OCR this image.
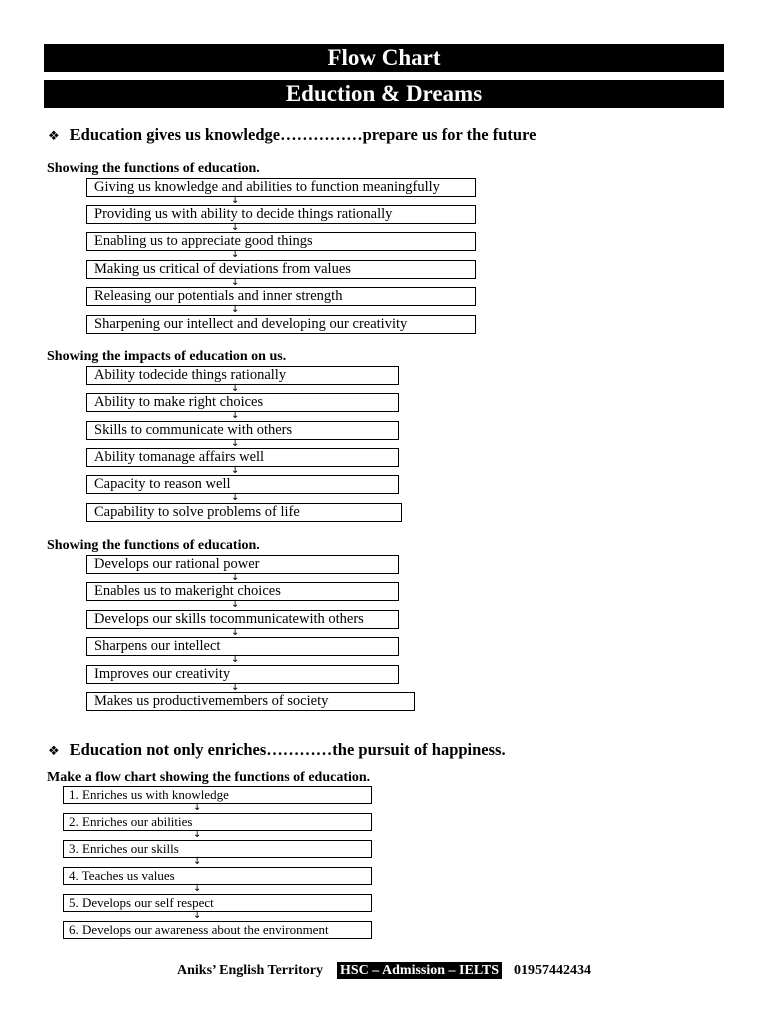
Flow Chart
Eduction & Dreams
❖ Education gives us knowledge……………prepare us for the future
Showing the functions of education.
Giving us knowledge and abilities to function meaningfully
↓
Providing us with ability to decide things rationally
↓
Enabling us to appreciate good things
↓
Making us critical of deviations from values
↓
Releasing our potentials and inner strength
↓
Sharpening our intellect and developing our creativity
Showing the impacts of education on us.
Ability todecide things rationally
↓
Ability to make right choices
↓
Skills to communicate with others
↓
Ability tomanage affairs well
↓
Capacity to reason well
↓
Capability to solve problems of life
Showing the functions of education.
Develops our rational power
↓
Enables us to makeright choices
↓
Develops our skills tocommunicatewith others
↓
Sharpens our intellect
↓
Improves our creativity
↓
Makes us productivemembers of society
❖ Education not only enriches…………the pursuit of happiness.
Make a flow chart showing the functions of education.
1. Enriches us with knowledge
↓
2. Enriches our abilities
↓
3. Enriches our skills
↓
4. Teaches us values
↓
5. Develops our self respect
↓
6. Develops our awareness about the environment
Aniks’ English Territory HSC – Admission – IELTS 01957442434
